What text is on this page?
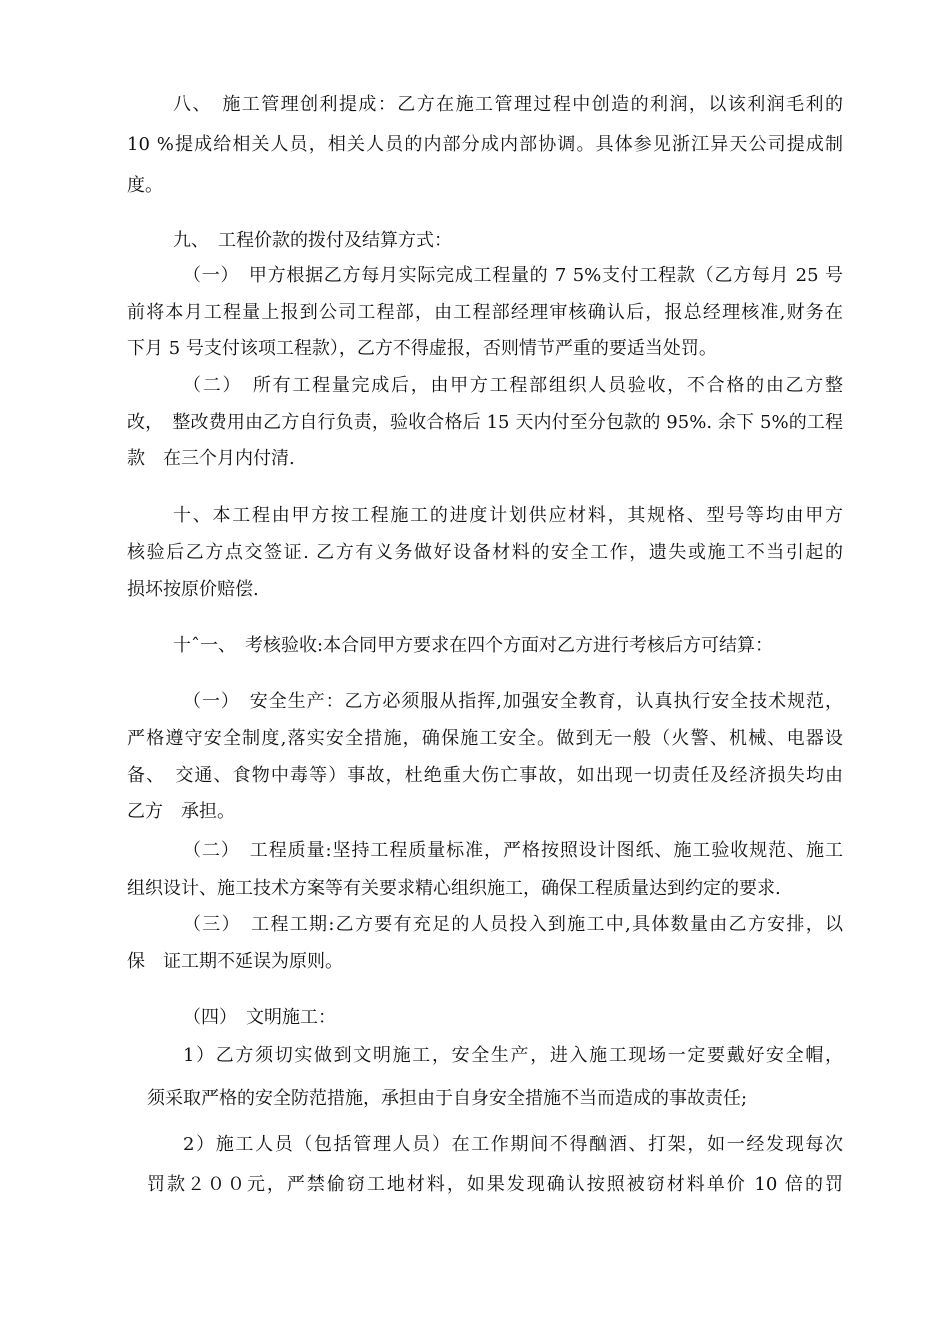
八、　施工管理创利提成：乙方在施工管理过程中创造的利润，以该利润毛利的
10 %提成给相关人员，相关人员的内部分成内部协调。具体参见浙江异天公司提成制
度。
九、　工程价款的拨付及结算方式：
（一）　甲方根据乙方每月实际完成工程量的 7 5%支付工程款（乙方每月 25 号
前将本月工程量上报到公司工程部，由工程部经理审核确认后，报总经理核准,财务在
下月 5 号支付该项工程款），乙方不得虚报，否则情节严重的要适当处罚。
（二）　所有工程量完成后，由甲方工程部组织人员验收，不合格的由乙方整
改，　整改费用由乙方自行负责，验收合格后 15 天内付至分包款的 95%. 余下 5%的工程
款　在三个月内付清.
十、本工程由甲方按工程施工的进度计划供应材料，其规格、型号等均由甲方
核验后乙方点交签证. 乙方有义务做好设备材料的安全工作，遗失或施工不当引起的
损坏按原价赔偿.
十ˆ一、　考核验收:本合同甲方要求在四个方面对乙方进行考核后方可结算：
（一）　安全生产：乙方必须服从指挥,加强安全教育，认真执行安全技术规范，
严格遵守安全制度,落实安全措施，确保施工安全。做到无一般（火警、机械、电器设
备、　交通、食物中毒等）事故，杜绝重大伤亡事故，如出现一切责任及经济损失均由
乙方　承担。
（二）　工程质量:坚持工程质量标准，严格按照设计图纸、施工验收规范、施工
组织设计、施工技术方案等有关要求精心组织施工，确保工程质量达到约定的要求.
（三）　工程工期:乙方要有充足的人员投入到施工中,具体数量由乙方安排，以
保　证工期不延误为原则。
（四）　文明施工：
1）乙方须切实做到文明施工，安全生产，进入施工现场一定要戴好安全帽，
须采取严格的安全防范措施，承担由于自身安全措施不当而造成的事故责任;
2）施工人员（包括管理人员）在工作期间不得酗酒、打架，如一经发现每次
罚款２００元，严禁偷窃工地材料，如果发现确认按照被窃材料单价 10 倍的罚
